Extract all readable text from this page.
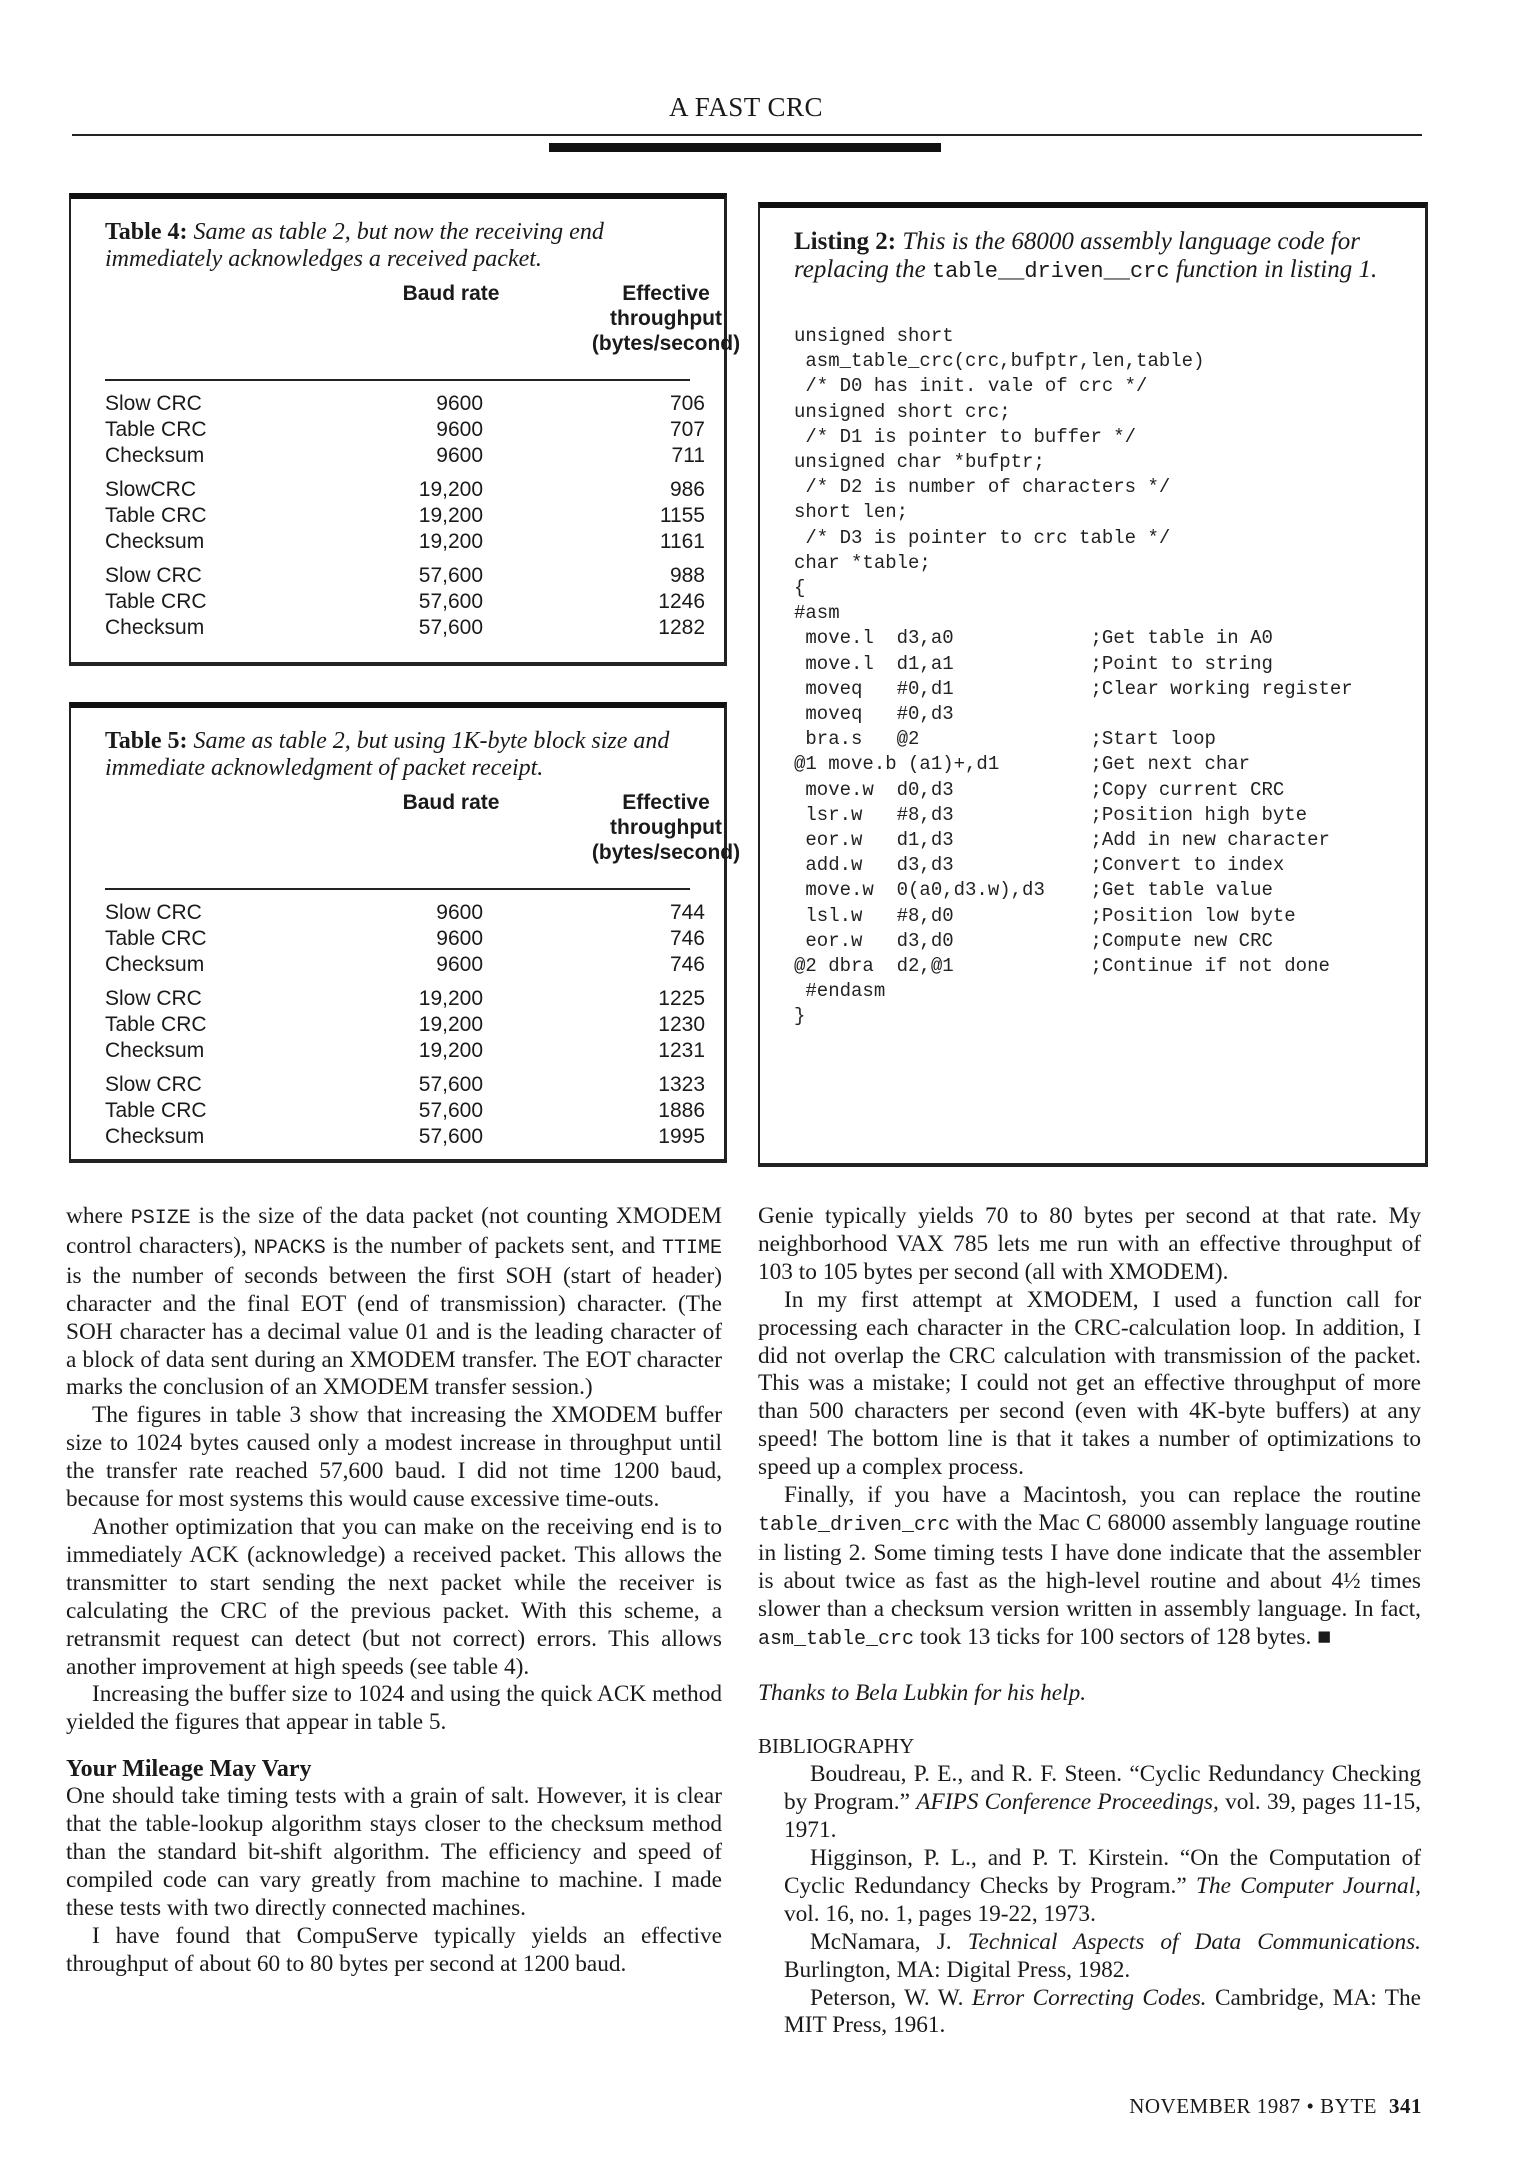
A FAST CRC
Table 4: Same as table 2, but now the receiving end immediately acknowledges a received packet.
Baud rate	Effective throughput (bytes/second)
Slow CRC	9600	706
Table CRC	9600	707
Checksum	9600	711
SlowCRC	19,200	986
Table CRC	19,200	1155
Checksum	19,200	1161
Slow CRC	57,600	988
Table CRC	57,600	1246
Checksum	57,600	1282
Table 5: Same as table 2, but using 1K-byte block size and immediate acknowledgment of packet receipt.
Baud rate	Effective throughput (bytes/second)
Slow CRC	9600	744
Table CRC	9600	746
Checksum	9600	746
Slow CRC	19,200	1225
Table CRC	19,200	1230
Checksum	19,200	1231
Slow CRC	57,600	1323
Table CRC	57,600	1886
Checksum	57,600	1995
Listing 2: This is the 68000 assembly language code for replacing the table__driven__crc function in listing 1.
unsigned short
asm_table_crc(crc,bufptr,len,table)
/* D0 has init. vale of crc */
unsigned short crc;
/* D1 is pointer to buffer */
unsigned char *bufptr;
/* D2 is number of characters */
short len;
/* D3 is pointer to crc table */
char *table;
{
#asm
move.l  d3,a0            ;Get table in A0
move.l  d1,a1            ;Point to string
moveq   #0,d1            ;Clear working register
moveq   #0,d3
bra.s   @2               ;Start loop
@1 move.b (a1)+,d1        ;Get next char
move.w  d0,d3            ;Copy current CRC
lsr.w   #8,d3            ;Position high byte
eor.w   d1,d3            ;Add in new character
add.w   d3,d3            ;Convert to index
move.w  0(a0,d3.w),d3    ;Get table value
lsl.w   #8,d0            ;Position low byte
eor.w   d3,d0            ;Compute new CRC
@2 dbra  d2,@1            ;Continue if not done
#endasm
}

where PSIZE is the size of the data packet (not counting XMODEM control characters), NPACKS is the number of packets sent, and TTIME is the number of seconds between the first SOH (start of header) character and the final EOT (end of transmission) character. (The SOH character has a decimal value 01 and is the leading character of a block of data sent during an XMODEM transfer. The EOT character marks the conclusion of an XMODEM transfer session.)

The figures in table 3 show that increasing the XMODEM buffer size to 1024 bytes caused only a modest increase in throughput until the transfer rate reached 57,600 baud. I did not time 1200 baud, because for most systems this would cause excessive time-outs.

Another optimization that you can make on the receiving end is to immediately ACK (acknowledge) a received packet. This allows the transmitter to start sending the next packet while the receiver is calculating the CRC of the previous packet. With this scheme, a retransmit request can detect (but not correct) errors. This allows another improvement at high speeds (see table 4).

Increasing the buffer size to 1024 and using the quick ACK method yielded the figures that appear in table 5.

Your Mileage May Vary

One should take timing tests with a grain of salt. However, it is clear that the table-lookup algorithm stays closer to the checksum method than the standard bit-shift algorithm. The efficiency and speed of compiled code can vary greatly from machine to machine. I made these tests with two directly connected machines.

I have found that CompuServe typically yields an effective throughput of about 60 to 80 bytes per second at 1200 baud.

Genie typically yields 70 to 80 bytes per second at that rate. My neighborhood VAX 785 lets me run with an effective throughput of 103 to 105 bytes per second (all with XMODEM).

In my first attempt at XMODEM, I used a function call for processing each character in the CRC-calculation loop. In addition, I did not overlap the CRC calculation with transmission of the packet. This was a mistake; I could not get an effective throughput of more than 500 characters per second (even with 4K-byte buffers) at any speed! The bottom line is that it takes a number of optimizations to speed up a complex process.

Finally, if you have a Macintosh, you can replace the routine table_driven_crc with the Mac C 68000 assembly language routine in listing 2. Some timing tests I have done indicate that the assembler is about twice as fast as the high-level routine and about 4½ times slower than a checksum version written in assembly language. In fact, asm_table_crc took 13 ticks for 100 sectors of 128 bytes. ■

Thanks to Bela Lubkin for his help.

BIBLIOGRAPHY

Boudreau, P. E., and R. F. Steen. “Cyclic Redundancy Checking by Program.” AFIPS Conference Proceedings, vol. 39, pages 11-15, 1971.

Higginson, P. L., and P. T. Kirstein. “On the Computation of Cyclic Redundancy Checks by Program.” The Computer Journal, vol. 16, no. 1, pages 19-22, 1973.

McNamara, J. Technical Aspects of Data Communications. Burlington, MA: Digital Press, 1982.

Peterson, W. W. Error Correcting Codes. Cambridge, MA: The MIT Press, 1961.

NOVEMBER 1987 • BYTE 341
